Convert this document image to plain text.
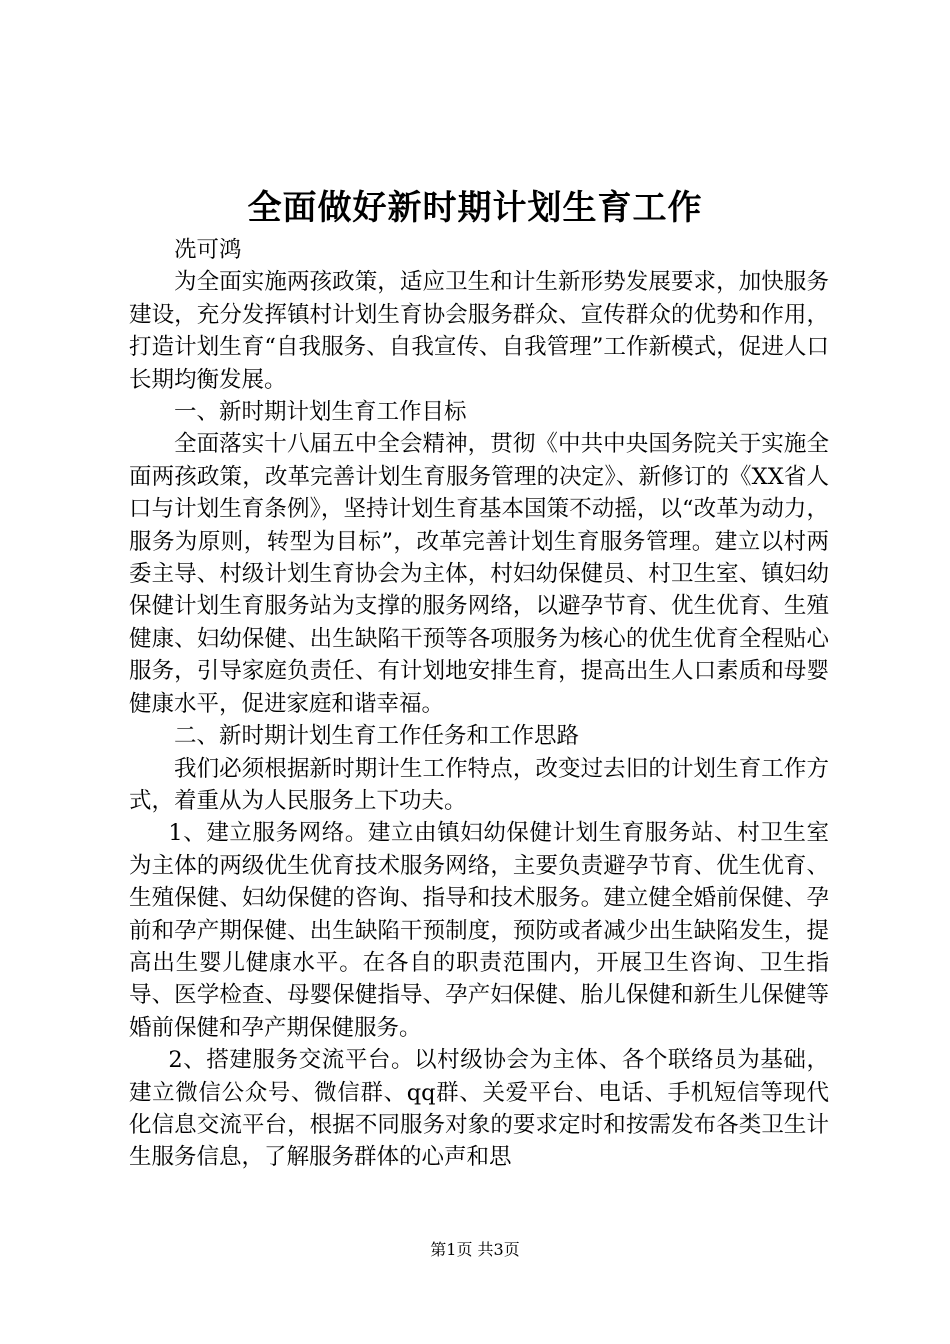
全面做好新时期计划生育工作

冼可鸿

为全面实施两孩政策，适应卫生和计生新形势发展要求，加快服务建设，充分发挥镇村计划生育协会服务群众、宣传群众的优势和作用，打造计划生育“自我服务、自我宣传、自我管理”工作新模式，促进人口长期均衡发展。

一、新时期计划生育工作目标

全面落实十八届五中全会精神，贯彻《中共中央国务院关于实施全面两孩政策，改革完善计划生育服务管理的决定》、新修订的《XX省人口与计划生育条例》，坚持计划生育基本国策不动摇，以“改革为动力，服务为原则，转型为目标”，改革完善计划生育服务管理。建立以村两委主导、村级计划生育协会为主体，村妇幼保健员、村卫生室、镇妇幼保健计划生育服务站为支撑的服务网络，以避孕节育、优生优育、生殖健康、妇幼保健、出生缺陷干预等各项服务为核心的优生优育全程贴心服务，引导家庭负责任、有计划地安排生育，提高出生人口素质和母婴健康水平，促进家庭和谐幸福。

二、新时期计划生育工作任务和工作思路

我们必须根据新时期计生工作特点，改变过去旧的计划生育工作方式，着重从为人民服务上下功夫。

1、建立服务网络。建立由镇妇幼保健计划生育服务站、村卫生室为主体的两级优生优育技术服务网络，主要负责避孕节育、优生优育、生殖保健、妇幼保健的咨询、指导和技术服务。建立健全婚前保健、孕前和孕产期保健、出生缺陷干预制度，预防或者减少出生缺陷发生，提高出生婴儿健康水平。在各自的职责范围内，开展卫生咨询、卫生指导、医学检查、母婴保健指导、孕产妇保健、胎儿保健和新生儿保健等婚前保健和孕产期保健服务。

2、搭建服务交流平台。以村级协会为主体、各个联络员为基础，建立微信公众号、微信群、qq群、关爱平台、电话、手机短信等现代化信息交流平台，根据不同服务对象的要求定时和按需发布各类卫生计生服务信息，了解服务群体的心声和思

第1页 共3页
